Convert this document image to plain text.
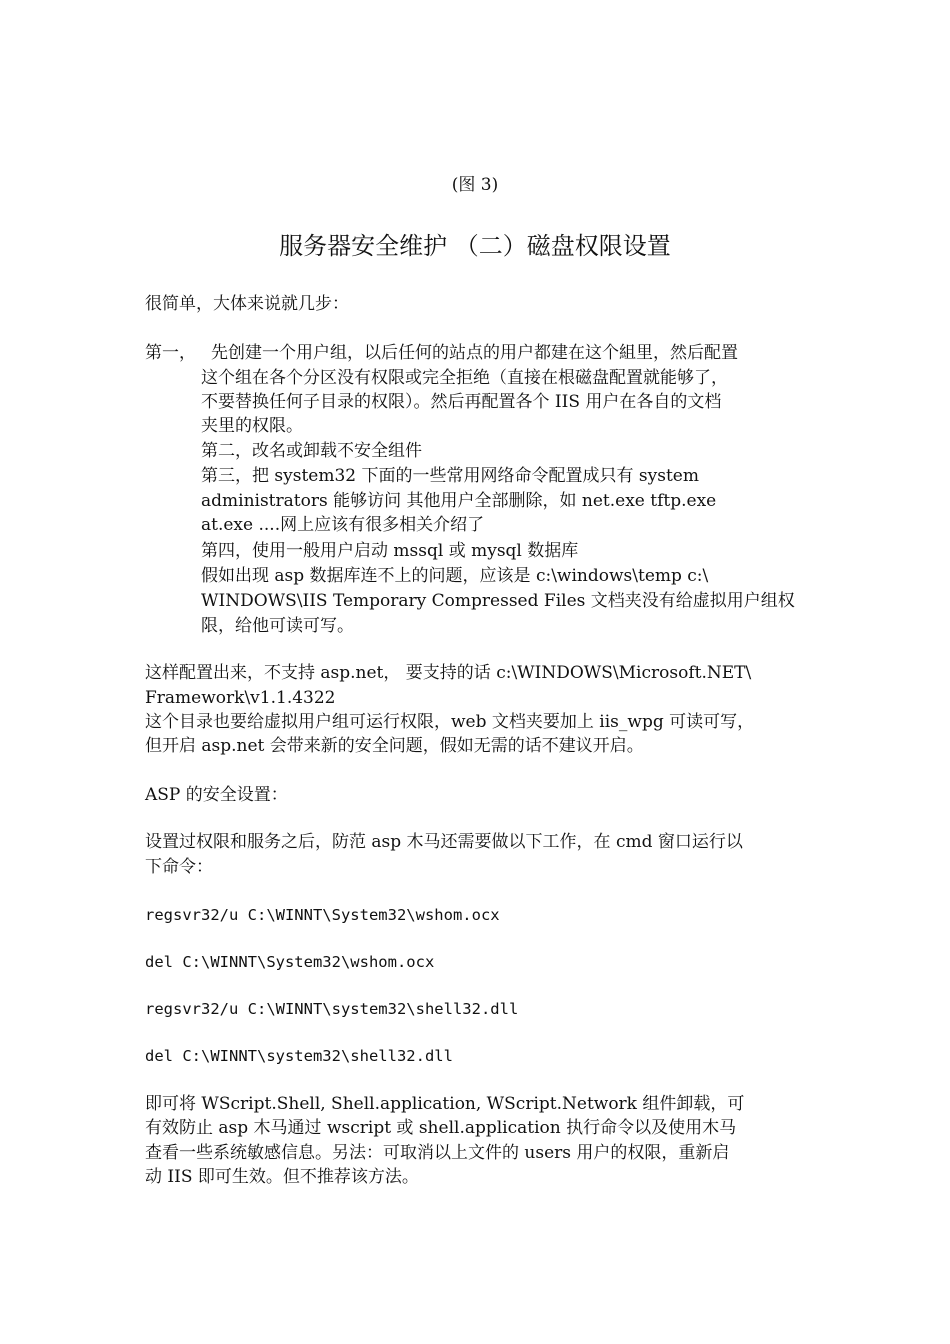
(图 3)
服务器安全维护 （二）磁盘权限设置
很简单，大体来说就几步：
第一， 先创建一个用户组，以后任何的站点的用户都建在这个組里，然后配置
这个组在各个分区没有权限或完全拒绝（直接在根磁盘配置就能够了，
不要替换任何子目录的权限）。然后再配置各个 IIS 用户在各自的文档
夹里的权限。
第二，改名或卸载不安全组件
第三，把 system32 下面的一些常用网络命令配置成只有 system
administrators 能够访问 其他用户全部删除，如 net.exe tftp.exe
at.exe ....网上应该有很多相关介绍了
第四，使用一般用户启动 mssql 或 mysql 数据库
假如出现 asp 数据库连不上的问题，应该是 c:\windows\temp c:\
WINDOWS\IIS Temporary Compressed Files 文档夹没有给虚拟用户组权
限，给他可读可写。
这样配置出来，不支持 asp.net， 要支持的话 c:\WINDOWS\Microsoft.NET\
Framework\v1.1.4322
这个目录也要给虚拟用户组可运行权限，web 文档夹要加上 iis_wpg 可读可写，
但开启 asp.net 会带来新的安全问题，假如无需的话不建议开启。
ASP 的安全设置：
设置过权限和服务之后，防范 asp 木马还需要做以下工作，在 cmd 窗口运行以
下命令：
regsvr32/u C:\WINNT\System32\wshom.ocx
del C:\WINNT\System32\wshom.ocx
regsvr32/u C:\WINNT\system32\shell32.dll
del C:\WINNT\system32\shell32.dll
即可将 WScript.Shell, Shell.application, WScript.Network 组件卸载，可
有效防止 asp 木马通过 wscript 或 shell.application 执行命令以及使用木马
查看一些系统敏感信息。另法：可取消以上文件的 users 用户的权限，重新启
动 IIS 即可生效。但不推荐该方法。
